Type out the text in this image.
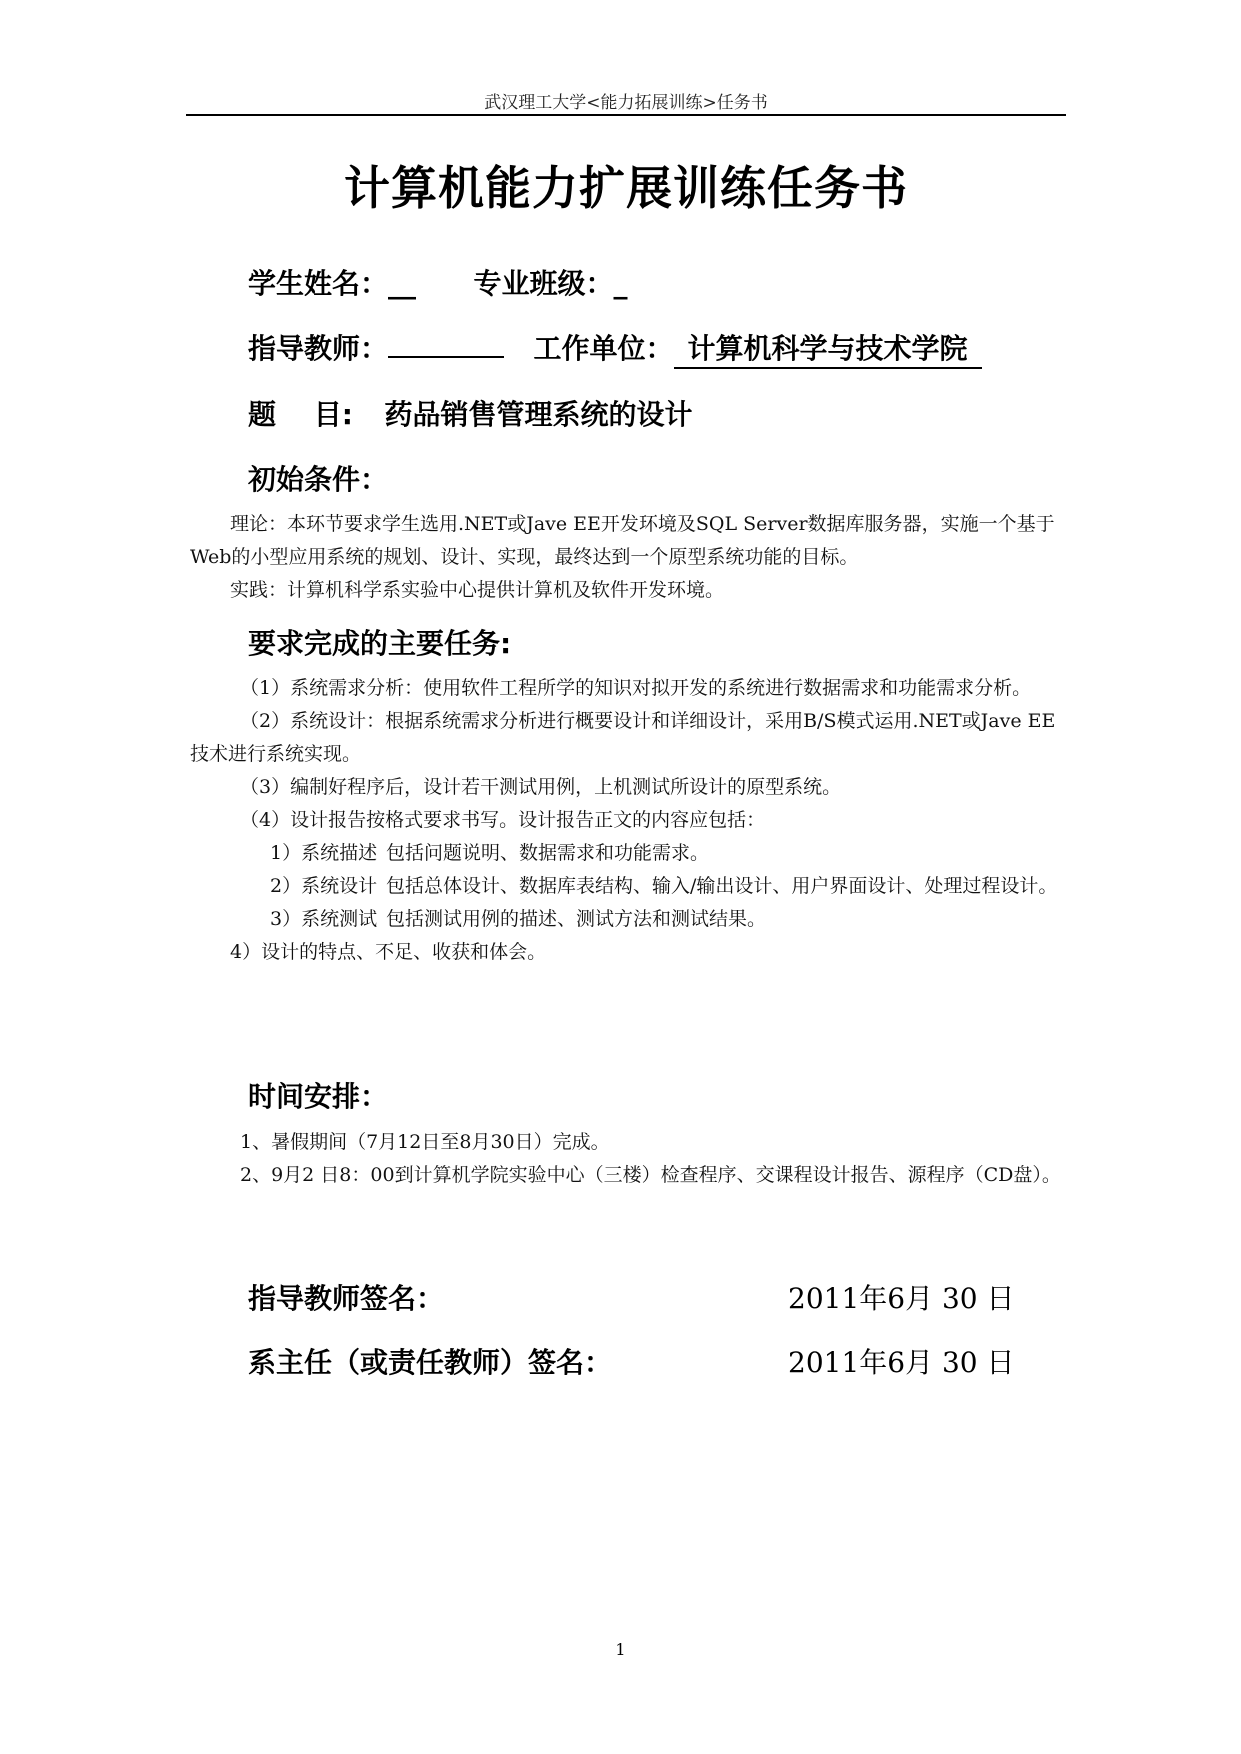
武汉理工大学<能力拓展训练>任务书
计算机能力扩展训练任务书
学生姓名：__ 专业班级：_
指导教师：	工作单位： 计算机科学与技术学院
题　 目: 药品销售管理系统的设计
初始条件：

理论：本环节要求学生选用.NET或Jave EE开发环境及SQL Server数据库服务器，实施一个基于Web的小型应用系统的规划、设计、实现，最终达到一个原型系统功能的目标。

实践：计算机科学系实验中心提供计算机及软件开发环境。

要求完成的主要任务:

（1）系统需求分析：使用软件工程所学的知识对拟开发的系统进行数据需求和功能需求分析。

（2）系统设计：根据系统需求分析进行概要设计和详细设计，采用B/S模式运用.NET或Jave EE技术进行系统实现。

（3）编制好程序后，设计若干测试用例，上机测试所设计的原型系统。

（4）设计报告按格式要求书写。设计报告正文的内容应包括：

1）系统描述 包括问题说明、数据需求和功能需求。

2）系统设计 包括总体设计、数据库表结构、输入/输出设计、用户界面设计、处理过程设计。

3）系统测试 包括测试用例的描述、测试方法和测试结果。

4）设计的特点、不足、收获和体会。

时间安排：

1、暑假期间（7月12日至8月30日）完成。

2、9月2 日8：00到计算机学院实验中心（三楼）检查程序、交课程设计报告、源程序（CD盘）。

指导教师签名：	2011年6月 30 日
系主任（或责任教师）签名：	2011年6月 30 日
1
